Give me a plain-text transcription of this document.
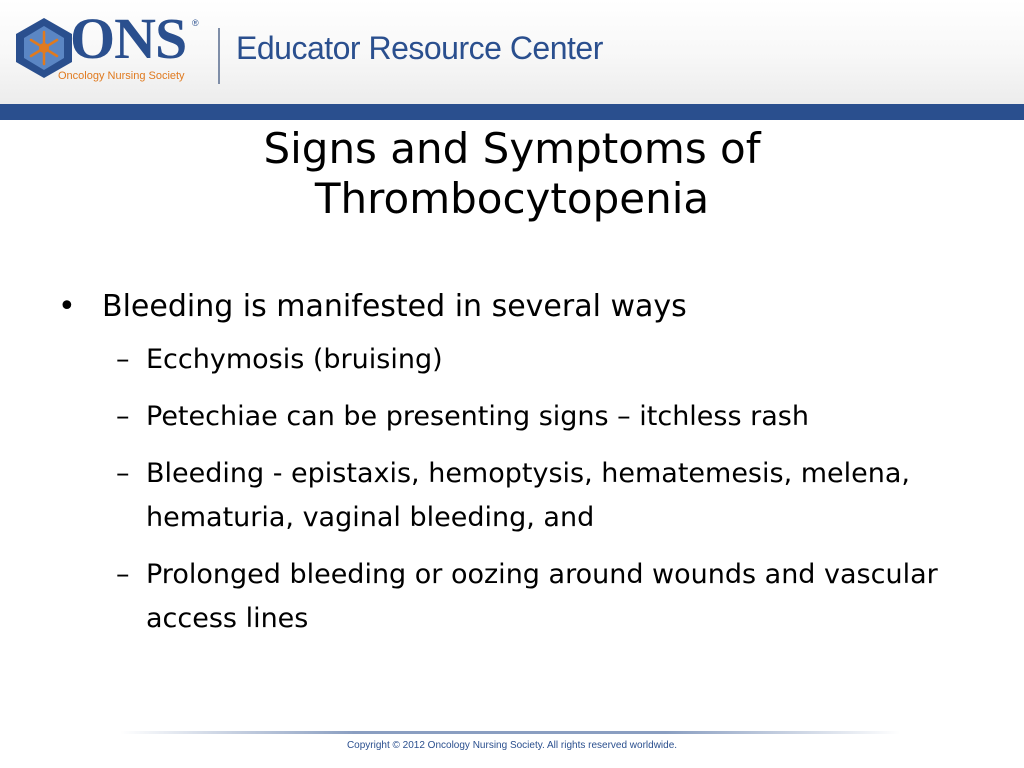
ONS ®
Oncology Nursing Society
Educator Resource Center
Signs and Symptoms of
Thrombocytopenia
• Bleeding is manifested in several ways
– Ecchymosis (bruising)
– Petechiae can be presenting signs – itchless rash
– Bleeding - epistaxis, hemoptysis, hematemesis, melena, hematuria, vaginal bleeding, and
– Prolonged bleeding or oozing around wounds and vascular access lines
Copyright © 2012 Oncology Nursing Society. All rights reserved worldwide.
